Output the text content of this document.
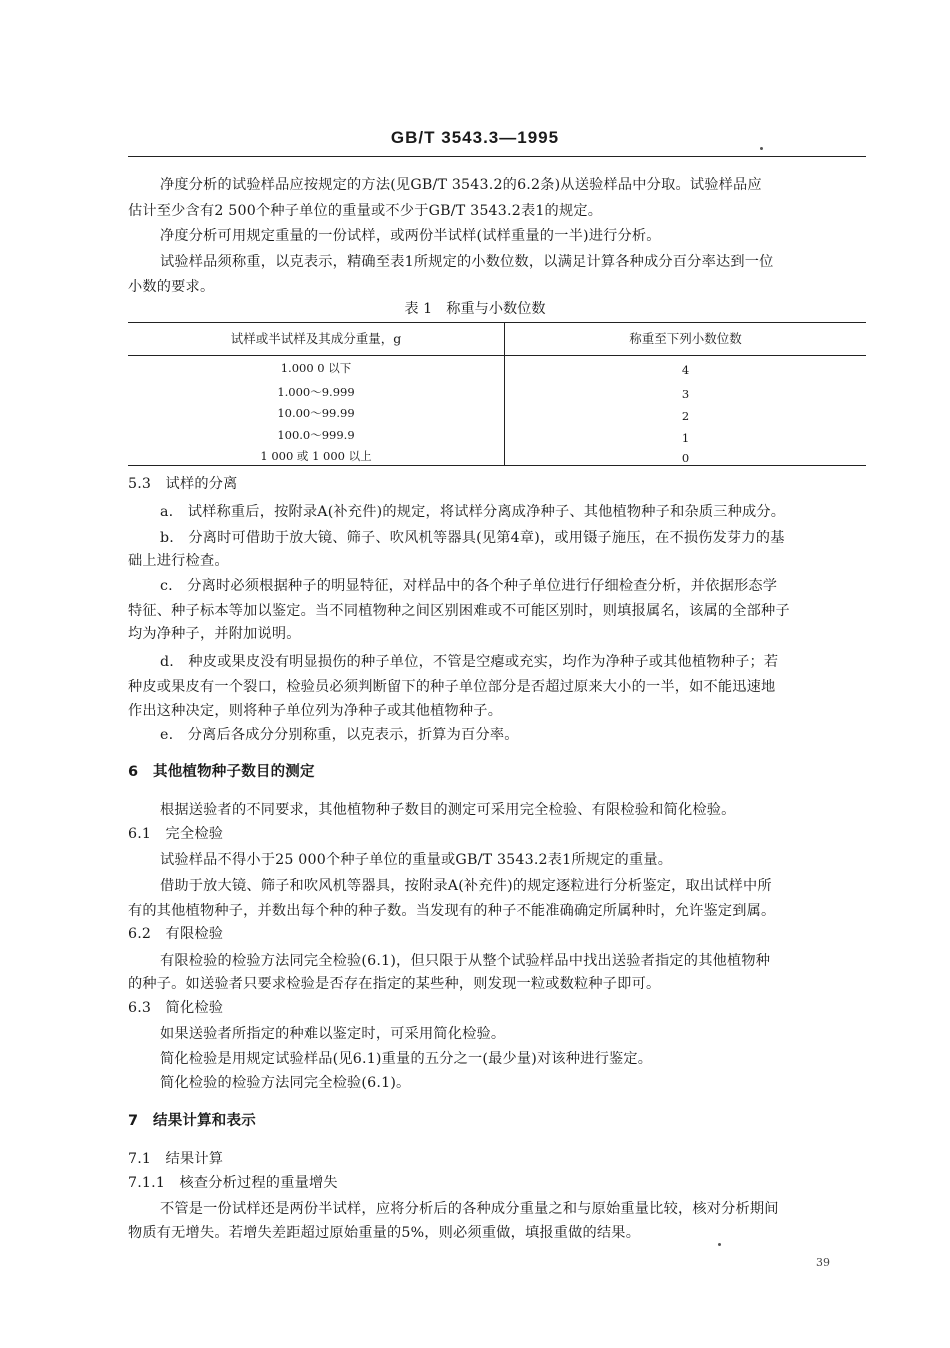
GB/T 3543.3—1995
净度分析的试验样品应按规定的方法(见GB/T 3543.2的6.2条)从送验样品中分取。试验样品应
估计至少含有2 500个种子单位的重量或不少于GB/T 3543.2表1的规定。
净度分析可用规定重量的一份试样，或两份半试样(试样重量的一半)进行分析。
试验样品须称重，以克表示，精确至表1所规定的小数位数，以满足计算各种成分百分率达到一位
小数的要求。
表 1　称重与小数位数
试样或半试样及其成分重量，g	称重至下列小数位数
1.000 0 以下	4
1.000～9.999	3
10.00～99.99	2
100.0～999.9	1
1 000 或 1 000 以上	0
5.3　试样的分离
a.　试样称重后，按附录A(补充件)的规定，将试样分离成净种子、其他植物种子和杂质三种成分。
b.　分离时可借助于放大镜、筛子、吹风机等器具(见第4章)，或用镊子施压，在不损伤发芽力的基
础上进行检查。
c.　分离时必须根据种子的明显特征，对样品中的各个种子单位进行仔细检查分析，并依据形态学
特征、种子标本等加以鉴定。当不同植物种之间区别困难或不可能区别时，则填报属名，该属的全部种子
均为净种子，并附加说明。
d.　种皮或果皮没有明显损伤的种子单位，不管是空瘪或充实，均作为净种子或其他植物种子；若
种皮或果皮有一个裂口，检验员必须判断留下的种子单位部分是否超过原来大小的一半，如不能迅速地
作出这种决定，则将种子单位列为净种子或其他植物种子。
e.　分离后各成分分别称重，以克表示，折算为百分率。
6　其他植物种子数目的测定
根据送验者的不同要求，其他植物种子数目的测定可采用完全检验、有限检验和简化检验。
6.1　完全检验
试验样品不得小于25 000个种子单位的重量或GB/T 3543.2表1所规定的重量。
借助于放大镜、筛子和吹风机等器具，按附录A(补充件)的规定逐粒进行分析鉴定，取出试样中所
有的其他植物种子，并数出每个种的种子数。当发现有的种子不能准确确定所属种时，允许鉴定到属。
6.2　有限检验
有限检验的检验方法同完全检验(6.1)，但只限于从整个试验样品中找出送验者指定的其他植物种
的种子。如送验者只要求检验是否存在指定的某些种，则发现一粒或数粒种子即可。
6.3　简化检验
如果送验者所指定的种难以鉴定时，可采用简化检验。
简化检验是用规定试验样品(见6.1)重量的五分之一(最少量)对该种进行鉴定。
简化检验的检验方法同完全检验(6.1)。
7　结果计算和表示
7.1　结果计算
7.1.1　核查分析过程的重量增失
不管是一份试样还是两份半试样，应将分析后的各种成分重量之和与原始重量比较，核对分析期间
物质有无增失。若增失差距超过原始重量的5%，则必须重做，填报重做的结果。
39
